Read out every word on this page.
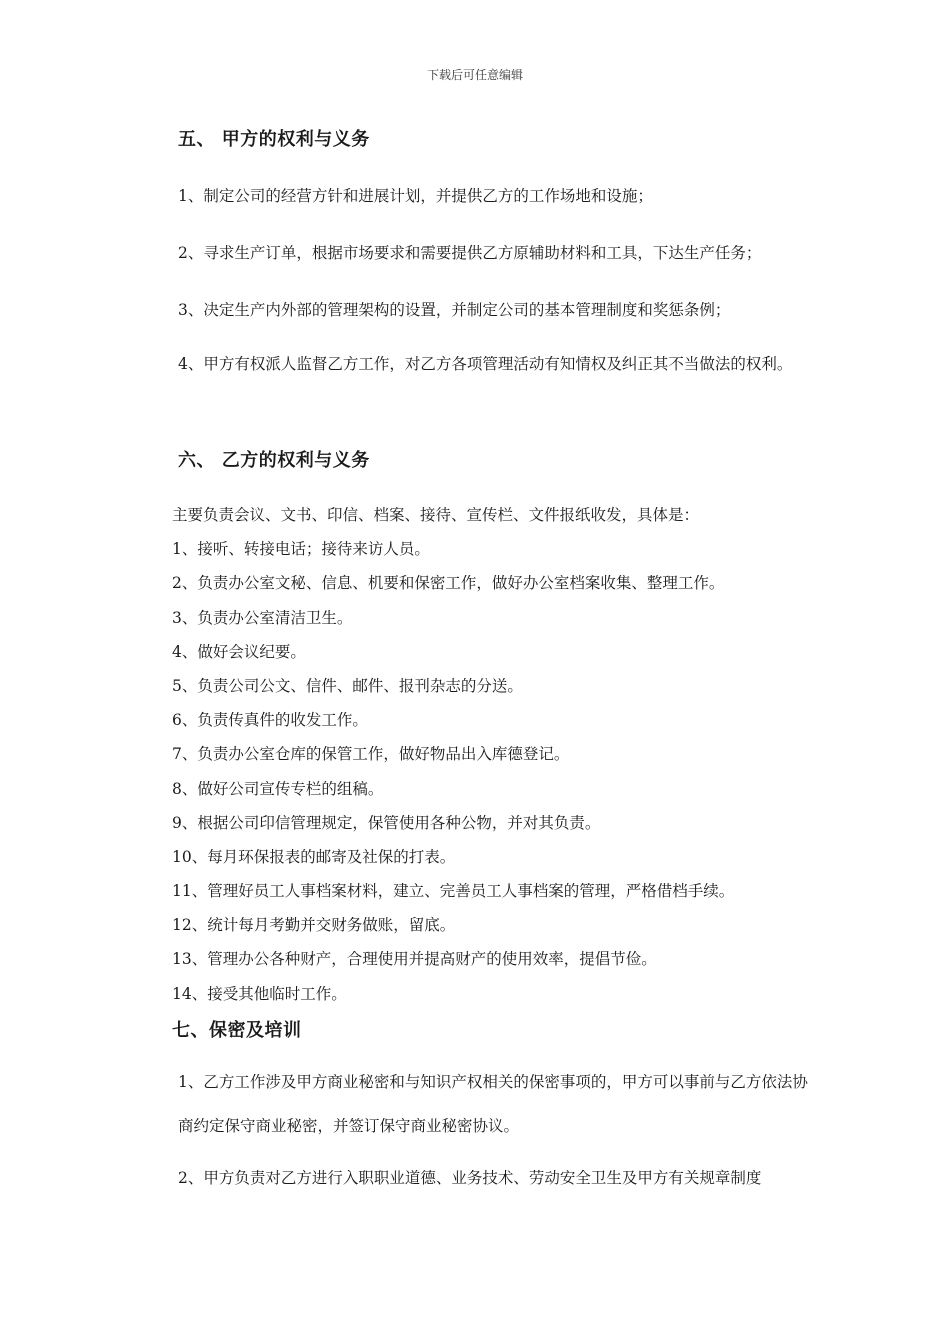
下载后可任意编辑
五、 甲方的权利与义务
1、制定公司的经营方针和进展计划，并提供乙方的工作场地和设施；
2、寻求生产订单，根据市场要求和需要提供乙方原辅助材料和工具，下达生产任务；
3、决定生产内外部的管理架构的设置，并制定公司的基本管理制度和奖惩条例；
4、甲方有权派人监督乙方工作，对乙方各项管理活动有知情权及纠正其不当做法的权利。
六、 乙方的权利与义务
主要负责会议、文书、印信、档案、接待、宣传栏、文件报纸收发，具体是：
1、接听、转接电话；接待来访人员。
2、负责办公室文秘、信息、机要和保密工作，做好办公室档案收集、整理工作。
3、负责办公室清洁卫生。
4、做好会议纪要。
5、负责公司公文、信件、邮件、报刊杂志的分送。
6、负责传真件的收发工作。
7、负责办公室仓库的保管工作，做好物品出入库德登记。
8、做好公司宣传专栏的组稿。
9、根据公司印信管理规定，保管使用各种公物，并对其负责。
10、每月环保报表的邮寄及社保的打表。
11、管理好员工人事档案材料，建立、完善员工人事档案的管理，严格借档手续。
12、统计每月考勤并交财务做账，留底。
13、管理办公各种财产，合理使用并提高财产的使用效率，提倡节俭。
14、接受其他临时工作。
七、保密及培训
1、乙方工作涉及甲方商业秘密和与知识产权相关的保密事项的，甲方可以事前与乙方依法协商约定保守商业秘密，并签订保守商业秘密协议。
2、甲方负责对乙方进行入职职业道德、业务技术、劳动安全卫生及甲方有关规章制度
